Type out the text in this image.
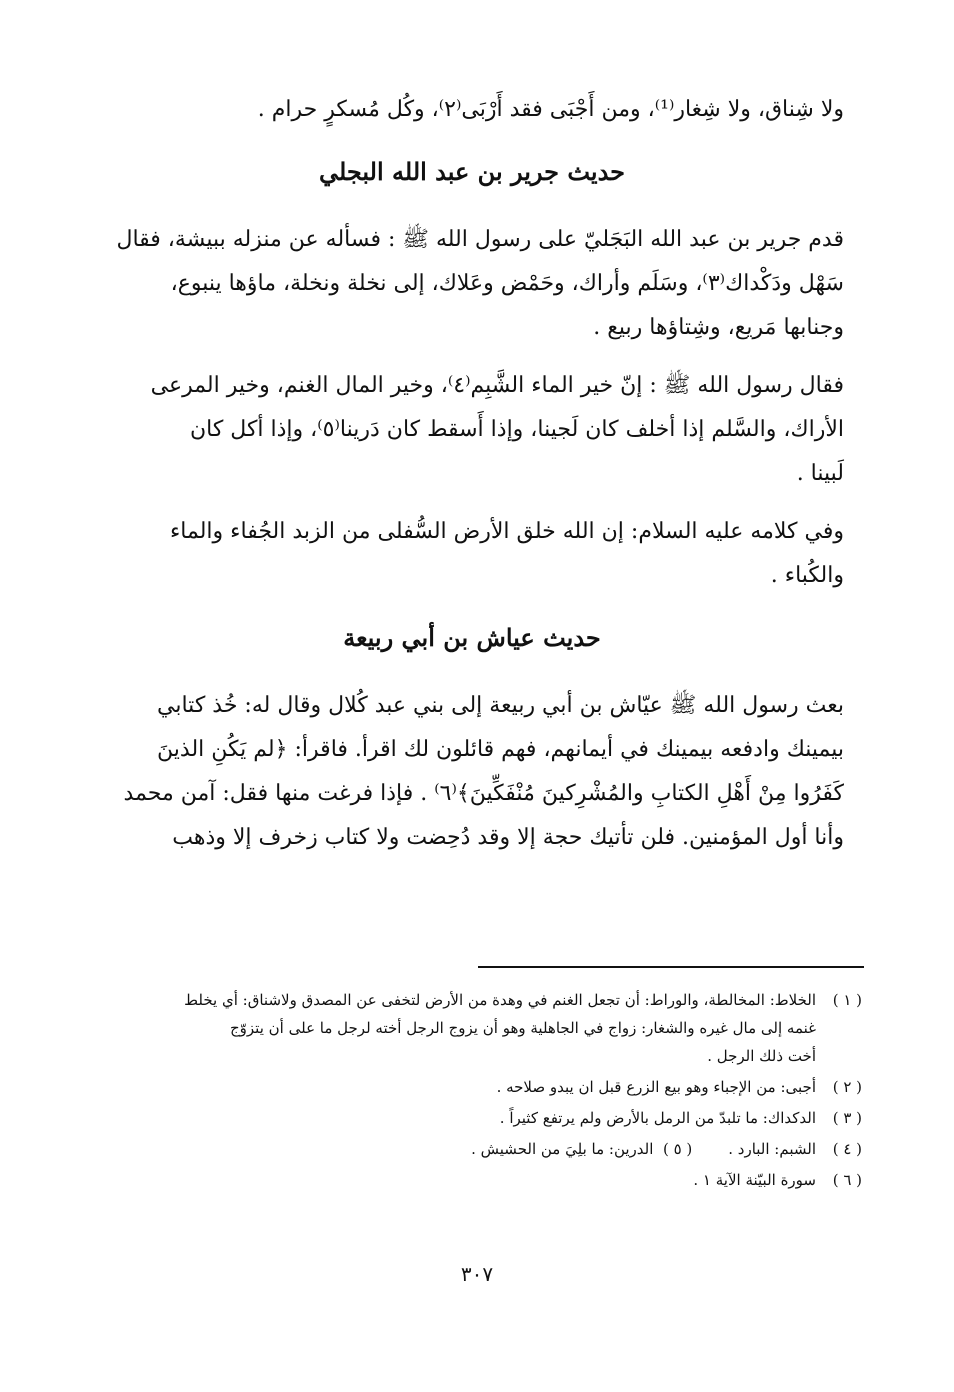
ولا شِناق، ولا شِغار⁽¹⁾، ومن أَجْبَى فقد أَرْبَى⁽٢⁾، وكُل مُسكرٍ حرام .

حديث جرير بن عبد الله البجلي

قدم جرير بن عبد الله البَجَليّ على رسول الله ﷺ : فسأله عن منزله ببيشة، فقال
سَهْل ودَكْداك⁽٣⁾، وسَلَم وأراك، وحَمْض وعَلاك، إلى نخلة ونخلة، ماؤها ينبوع،
وجنابها مَريع، وشِتاؤها ربيع .

فقال رسول الله ﷺ : إنّ خير الماء الشَّبِم⁽٤⁾، وخير المال الغنم، وخير المرعى
الأراك، والسَّلم إذا أخلف كان لَجينا، وإذا أَسقط كان دَرينا⁽٥⁾، وإذا أكل كان
لَبينا .

وفي كلامه عليه السلام: إن الله خلق الأرض السُّفلى من الزبد الجُفاء والماء
والكُباء .

حديث عياش بن أبي ربيعة

بعث رسول الله ﷺ عيّاش بن أبي ربيعة إلى بني عبد كُلال وقال له: خُذ كتابي
بيمينك وادفعه بيمينك في أيمانهم، فهم قائلون لك اقرأ. فاقرأ: ﴿لم يَكُنِ الذينَ
كَفَرُوا مِنْ أَهْلِ الكتابِ والمُشْرِكينَ مُنْفَكِّينَ﴾⁽٦⁾ . فإذا فرغت منها فقل: آمن محمد
وأنا أول المؤمنين. فلن تأتيك حجة إلا وقد دُحِضت ولا كتاب زخرف إلا وذهب

( ١ )الخلاط: المخالطة، والوراط: أن تجعل الغنم في وهدة من الأرض لتخفى عن المصدق ولاشناق: أي يخلط
غنمه إلى مال غيره والشغار: زواج في الجاهلية وهو أن يزوج الرجل أخته لرجل ما على أن يتزوّج
أخت ذلك الرجل .
( ٢ )أجبى: من الإجباء وهو بيع الزرع قبل ان يبدو صلاحه .
( ٣ )الدكداك: ما تلبدّ من الرمل بالأرض ولم يرتفع كثيراً .
( ٤ )الشبم: البارد .( ٥ )  الدرين: ما بلِيَ من الحشيش .
( ٦ )سورة البيّنة الآية ١ .
٣٠٧
